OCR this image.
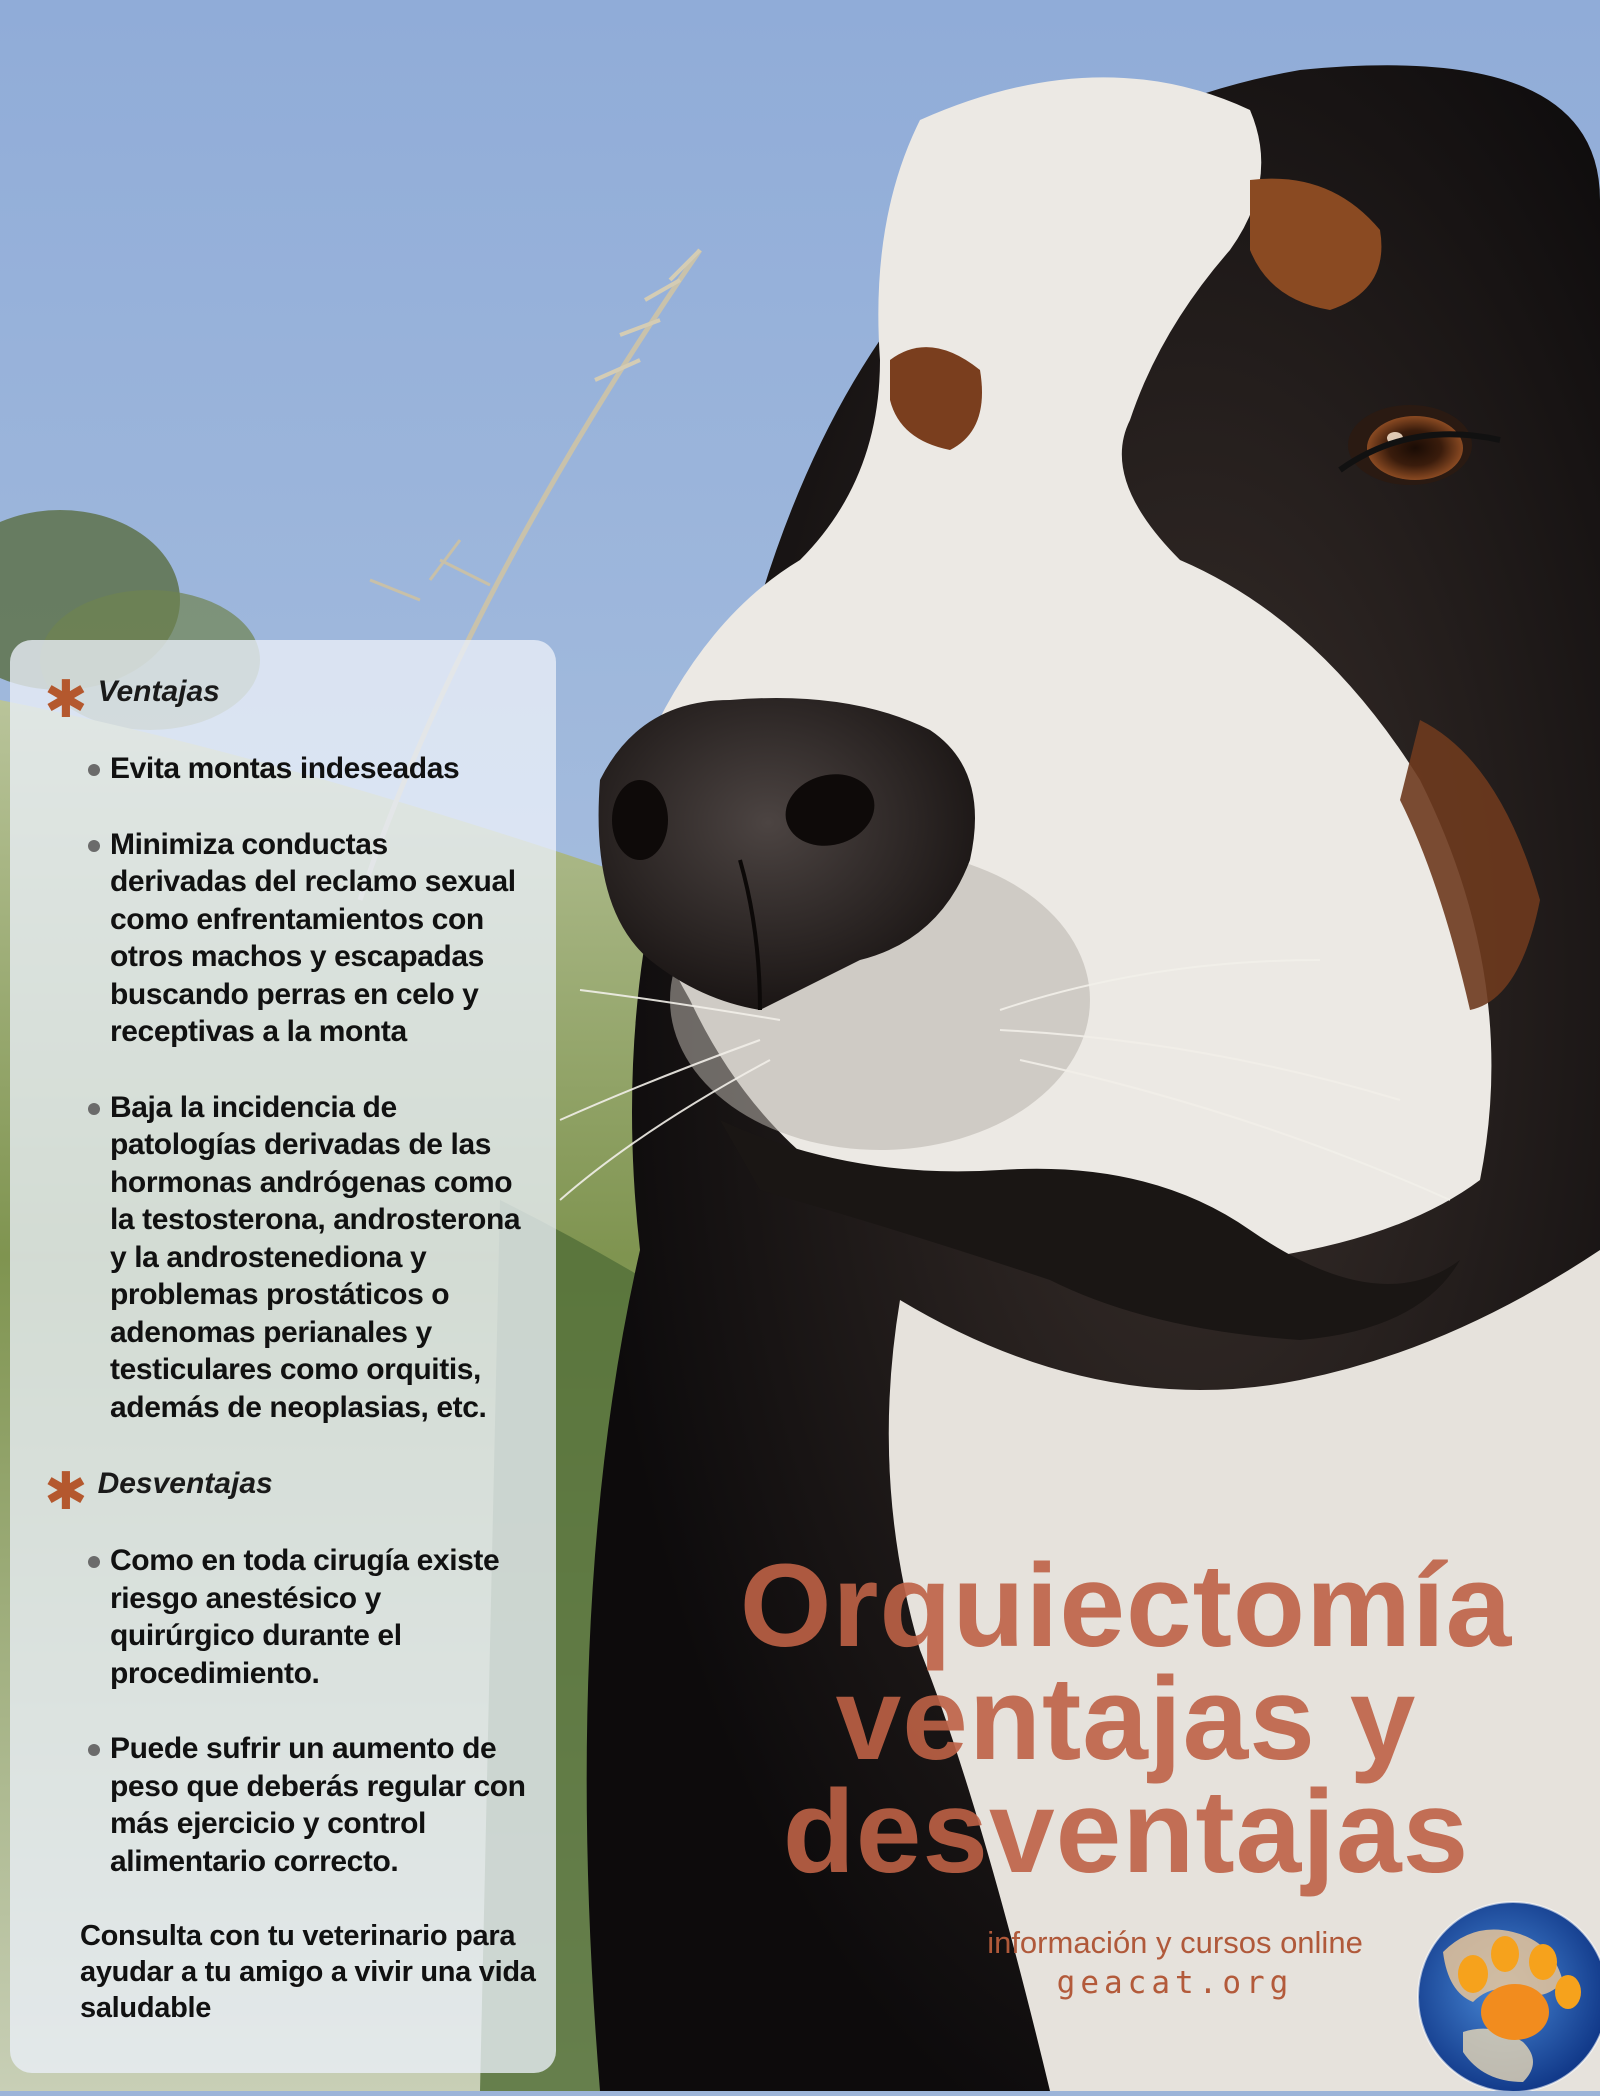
✱ Ventajas
Evita montas indeseadas
Minimiza conductas derivadas del reclamo sexual como enfrentamientos con otros machos y escapadas buscando perras en celo y receptivas a la monta
Baja la incidencia de patologías derivadas de las hormonas andrógenas como la testosterona, androsterona y la androstenediona y problemas prostáticos o adenomas perianales y testiculares como orquitis, además de neoplasias, etc.
✱ Desventajas
Como en toda cirugía existe riesgo anestésico y quirúrgico durante el procedimiento.
Puede sufrir un aumento de peso que deberás regular con más ejercicio y control alimentario correcto.

Consulta con tu veterinario para ayudar a tu amigo a vivir una vida saludable

Orquiectomía
ventajas y
desventajas
información y cursos online
geacat.org
